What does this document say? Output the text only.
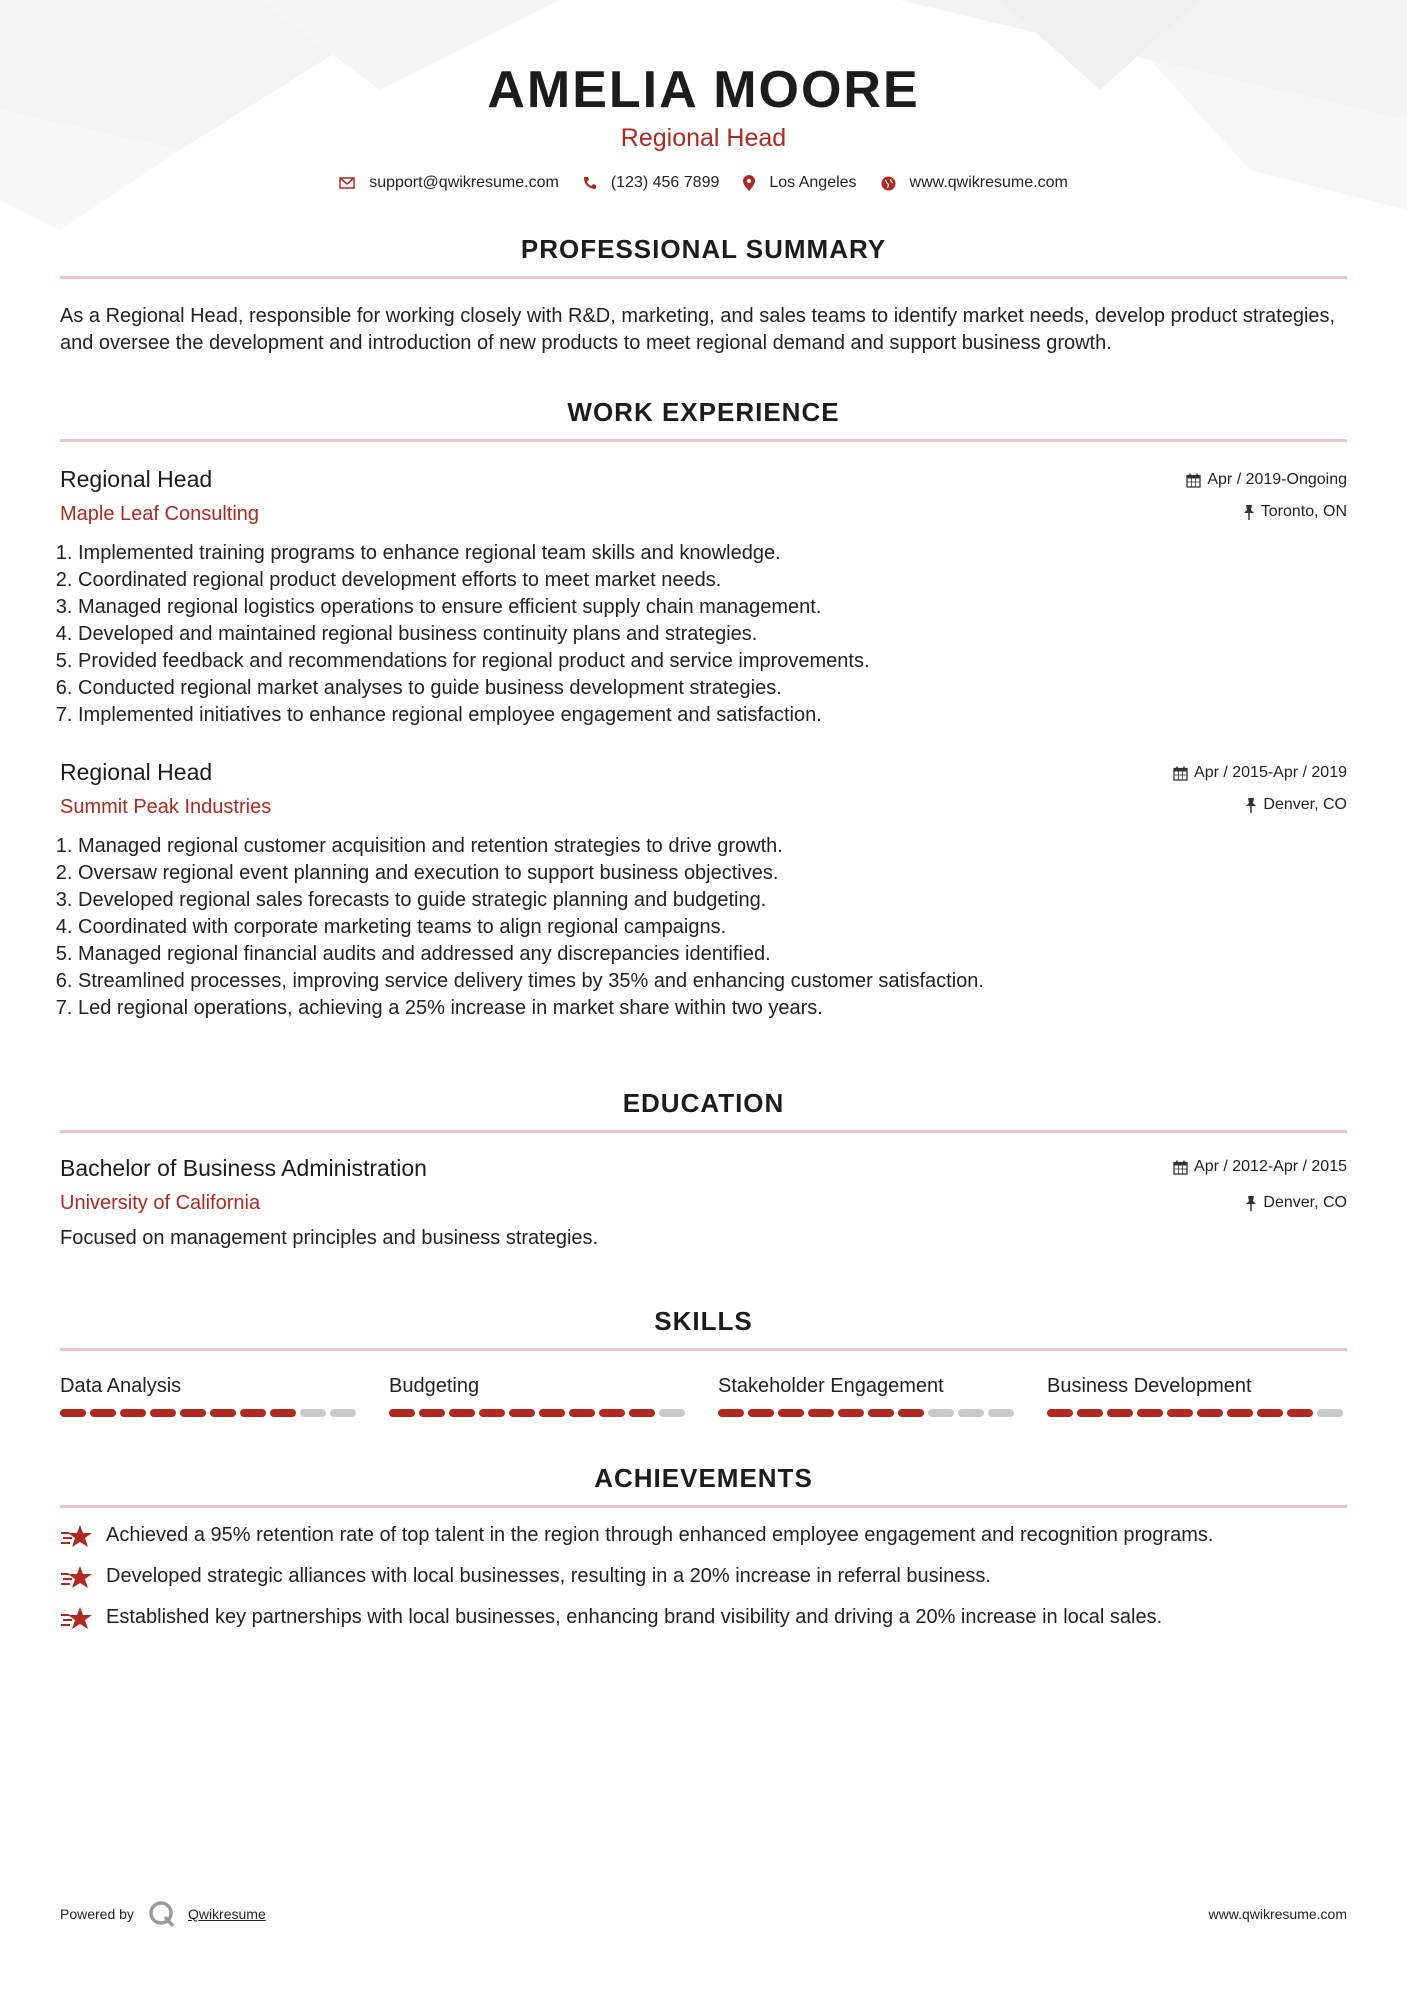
AMELIA MOORE
Regional Head
support@qwikresume.com	(123) 456 7899	Los Angeles	www.qwikresume.com
PROFESSIONAL SUMMARY
As a Regional Head, responsible for working closely with R&D, marketing, and sales teams to identify market needs, develop product strategies, and oversee the development and introduction of new products to meet regional demand and support business growth.
WORK EXPERIENCE
Regional Head
Maple Leaf Consulting
Apr / 2019-Ongoing
Toronto, ON
1. Implemented training programs to enhance regional team skills and knowledge.
2. Coordinated regional product development efforts to meet market needs.
3. Managed regional logistics operations to ensure efficient supply chain management.
4. Developed and maintained regional business continuity plans and strategies.
5. Provided feedback and recommendations for regional product and service improvements.
6. Conducted regional market analyses to guide business development strategies.
7. Implemented initiatives to enhance regional employee engagement and satisfaction.
Regional Head
Summit Peak Industries
Apr / 2015-Apr / 2019
Denver, CO
1. Managed regional customer acquisition and retention strategies to drive growth.
2. Oversaw regional event planning and execution to support business objectives.
3. Developed regional sales forecasts to guide strategic planning and budgeting.
4. Coordinated with corporate marketing teams to align regional campaigns.
5. Managed regional financial audits and addressed any discrepancies identified.
6. Streamlined processes, improving service delivery times by 35% and enhancing customer satisfaction.
7. Led regional operations, achieving a 25% increase in market share within two years.
EDUCATION
Bachelor of Business Administration
University of California
Apr / 2012-Apr / 2015
Denver, CO
Focused on management principles and business strategies.
SKILLS
Data Analysis	Budgeting	Stakeholder Engagement	Business Development
ACHIEVEMENTS
Achieved a 95% retention rate of top talent in the region through enhanced employee engagement and recognition programs.
Developed strategic alliances with local businesses, resulting in a 20% increase in referral business.
Established key partnerships with local businesses, enhancing brand visibility and driving a 20% increase in local sales.
Powered by	Qwikresume	www.qwikresume.com
